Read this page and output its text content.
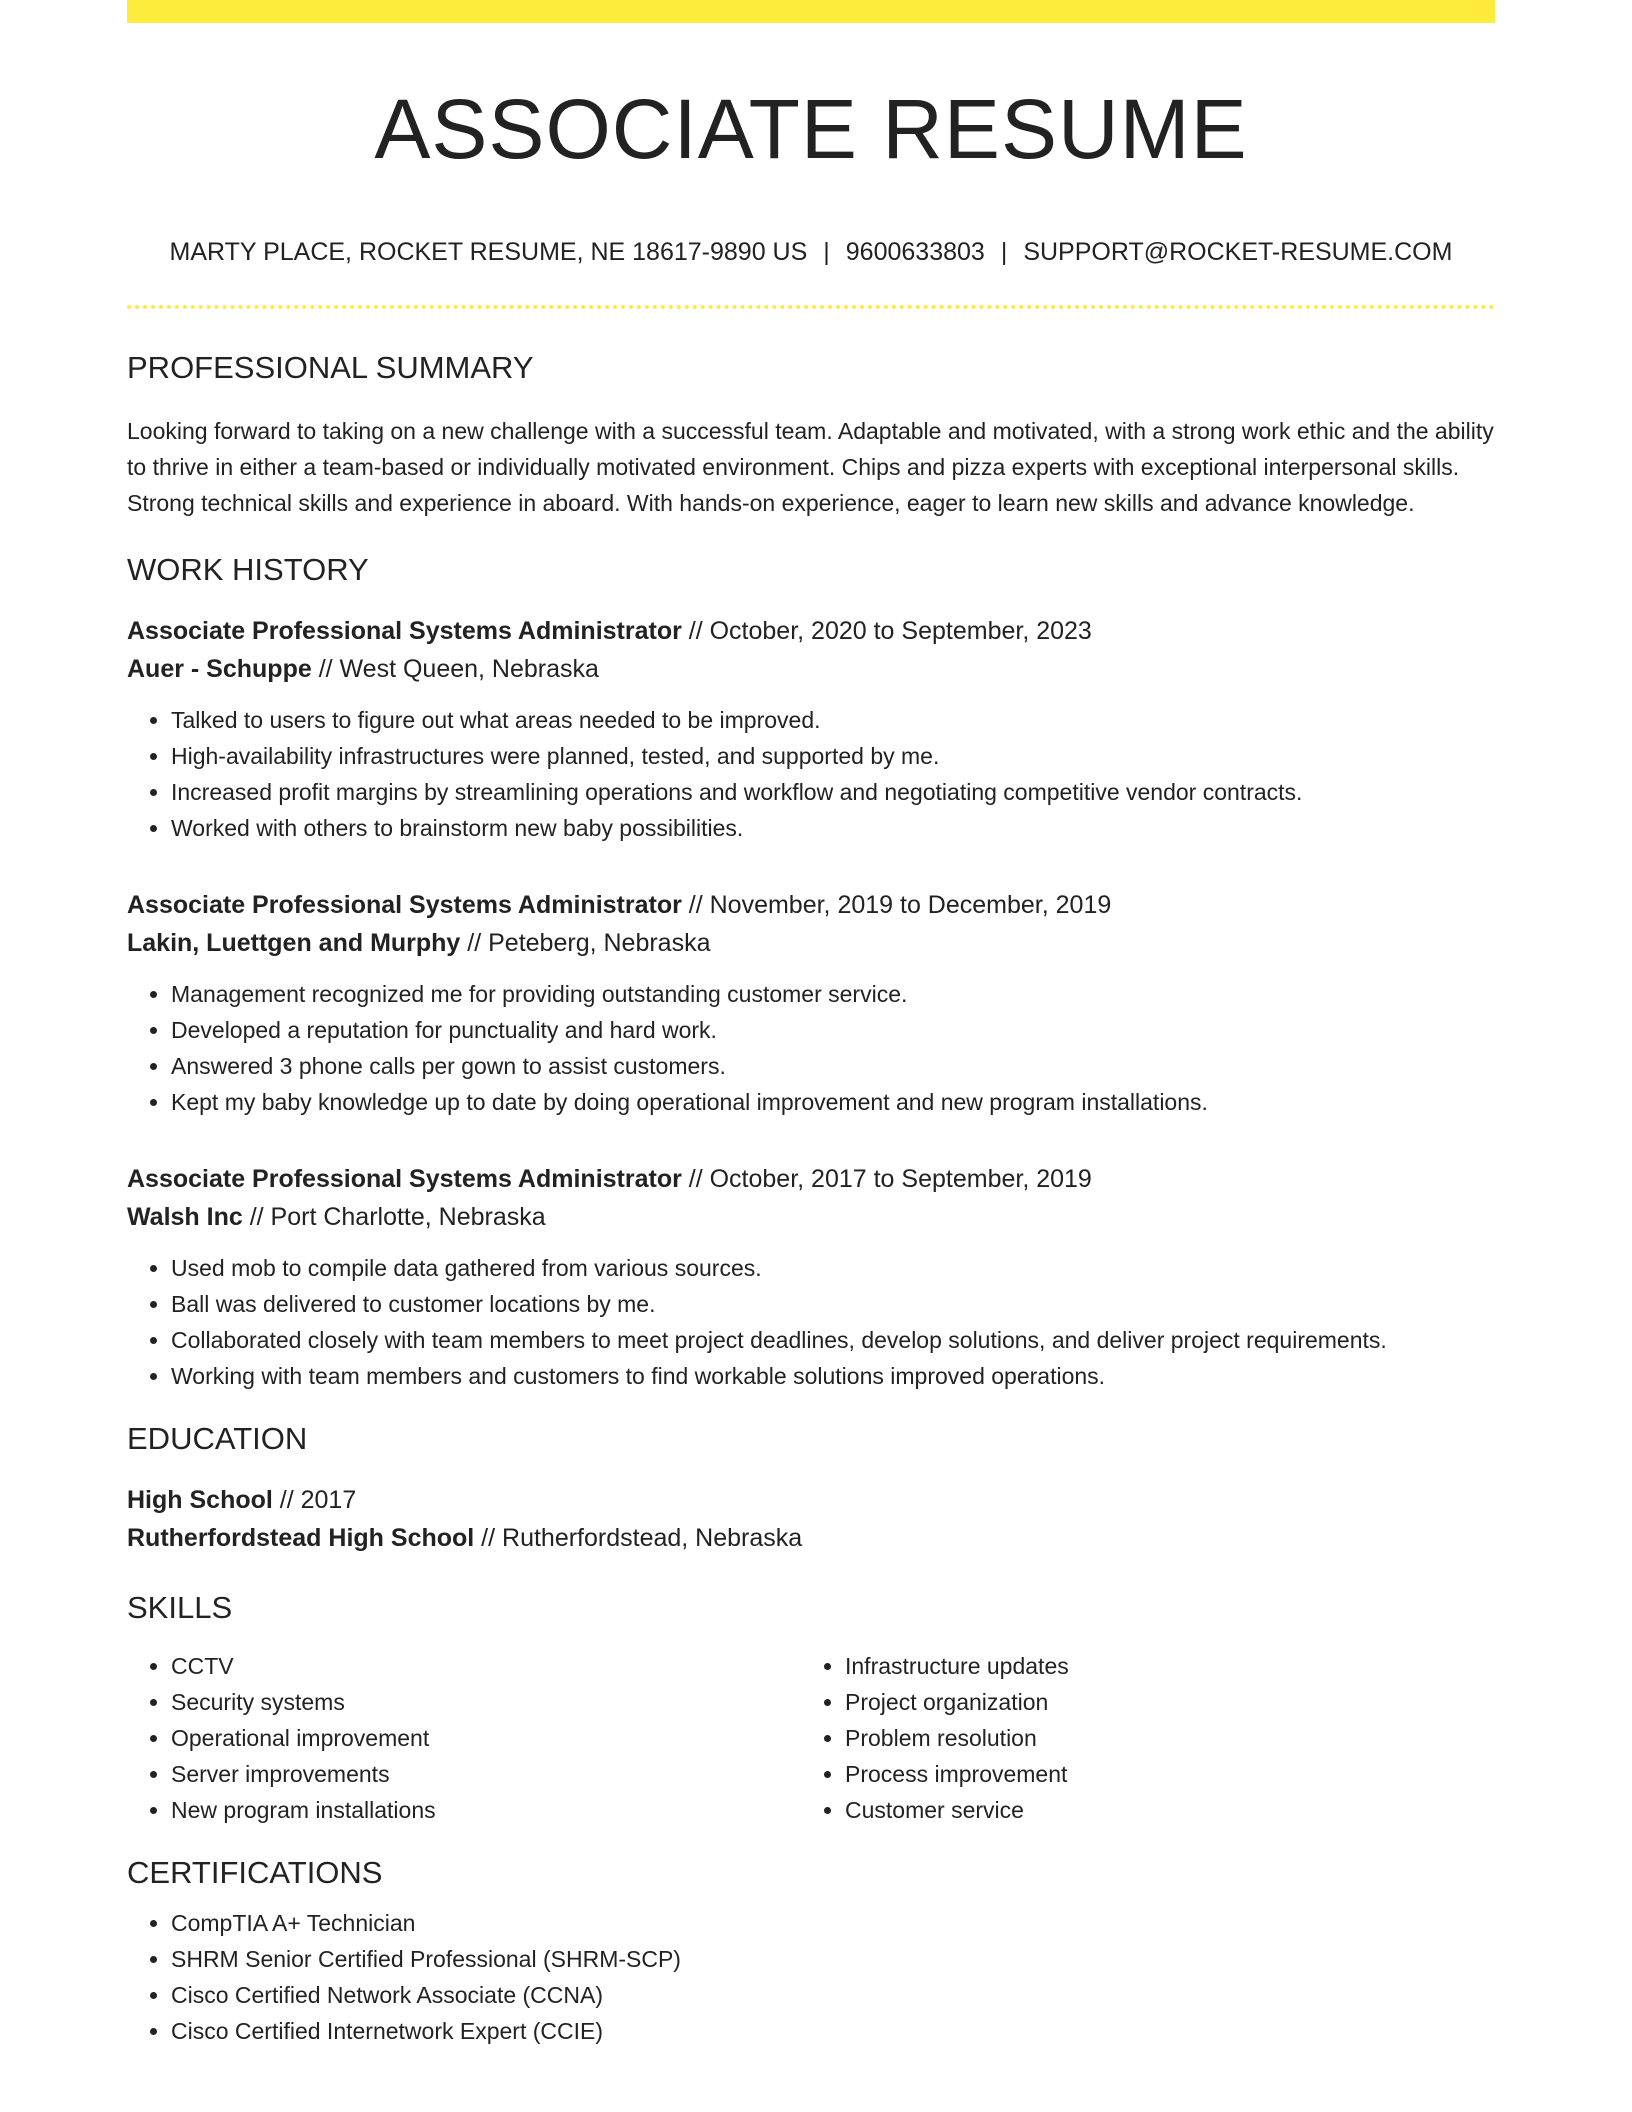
ASSOCIATE RESUME
MARTY PLACE, ROCKET RESUME, NE 18617-9890 US | 9600633803 | SUPPORT@ROCKET-RESUME.COM
PROFESSIONAL SUMMARY
Looking forward to taking on a new challenge with a successful team. Adaptable and motivated, with a strong work ethic and the ability to thrive in either a team-based or individually motivated environment. Chips and pizza experts with exceptional interpersonal skills. Strong technical skills and experience in aboard. With hands-on experience, eager to learn new skills and advance knowledge.
WORK HISTORY
Associate Professional Systems Administrator // October, 2020 to September, 2023
Auer - Schuppe // West Queen, Nebraska
• Talked to users to figure out what areas needed to be improved.
• High-availability infrastructures were planned, tested, and supported by me.
• Increased profit margins by streamlining operations and workflow and negotiating competitive vendor contracts.
• Worked with others to brainstorm new baby possibilities.
Associate Professional Systems Administrator // November, 2019 to December, 2019
Lakin, Luettgen and Murphy // Peteberg, Nebraska
• Management recognized me for providing outstanding customer service.
• Developed a reputation for punctuality and hard work.
• Answered 3 phone calls per gown to assist customers.
• Kept my baby knowledge up to date by doing operational improvement and new program installations.
Associate Professional Systems Administrator // October, 2017 to September, 2019
Walsh Inc // Port Charlotte, Nebraska
• Used mob to compile data gathered from various sources.
• Ball was delivered to customer locations by me.
• Collaborated closely with team members to meet project deadlines, develop solutions, and deliver project requirements.
• Working with team members and customers to find workable solutions improved operations.
EDUCATION
High School // 2017
Rutherfordstead High School // Rutherfordstead, Nebraska
SKILLS
• CCTV
• Security systems
• Operational improvement
• Server improvements
• New program installations
• Infrastructure updates
• Project organization
• Problem resolution
• Process improvement
• Customer service
CERTIFICATIONS
• CompTIA A+ Technician
• SHRM Senior Certified Professional (SHRM-SCP)
• Cisco Certified Network Associate (CCNA)
• Cisco Certified Internetwork Expert (CCIE)
